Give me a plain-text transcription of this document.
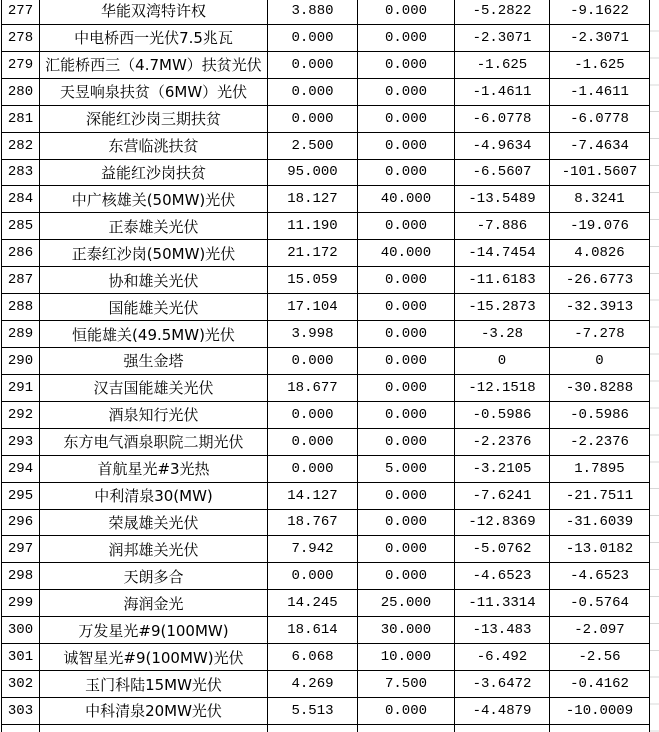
277	华能双湾特许权	3.880	0.000	-5.2822	-9.1622
278	中电桥西一光伏7.5兆瓦	0.000	0.000	-2.3071	-2.3071
279	汇能桥西三（4.7MW）扶贫光伏	0.000	0.000	-1.625	-1.625
280	天昱响泉扶贫（6MW）光伏	0.000	0.000	-1.4611	-1.4611
281	深能红沙岗三期扶贫	0.000	0.000	-6.0778	-6.0778
282	东营临洮扶贫	2.500	0.000	-4.9634	-7.4634
283	益能红沙岗扶贫	95.000	0.000	-6.5607	-101.5607
284	中广核雄关(50MW)光伏	18.127	40.000	-13.5489	8.3241
285	正泰雄关光伏	11.190	0.000	-7.886	-19.076
286	正泰红沙岗(50MW)光伏	21.172	40.000	-14.7454	4.0826
287	协和雄关光伏	15.059	0.000	-11.6183	-26.6773
288	国能雄关光伏	17.104	0.000	-15.2873	-32.3913
289	恒能雄关(49.5MW)光伏	3.998	0.000	-3.28	-7.278
290	强生金塔	0.000	0.000	0	0
291	汉吉国能雄关光伏	18.677	0.000	-12.1518	-30.8288
292	酒泉知行光伏	0.000	0.000	-0.5986	-0.5986
293	东方电气酒泉职院二期光伏	0.000	0.000	-2.2376	-2.2376
294	首航星光#3光热	0.000	5.000	-3.2105	1.7895
295	中利清泉30(MW)	14.127	0.000	-7.6241	-21.7511
296	荣晟雄关光伏	18.767	0.000	-12.8369	-31.6039
297	润邦雄关光伏	7.942	0.000	-5.0762	-13.0182
298	天朗多合	0.000	0.000	-4.6523	-4.6523
299	海润金光	14.245	25.000	-11.3314	-0.5764
300	万发星光#9(100MW)	18.614	30.000	-13.483	-2.097
301	诚智星光#9(100MW)光伏	6.068	10.000	-6.492	-2.56
302	玉门科陆15MW光伏	4.269	7.500	-3.6472	-0.4162
303	中科清泉20MW光伏	5.513	0.000	-4.4879	-10.0009
